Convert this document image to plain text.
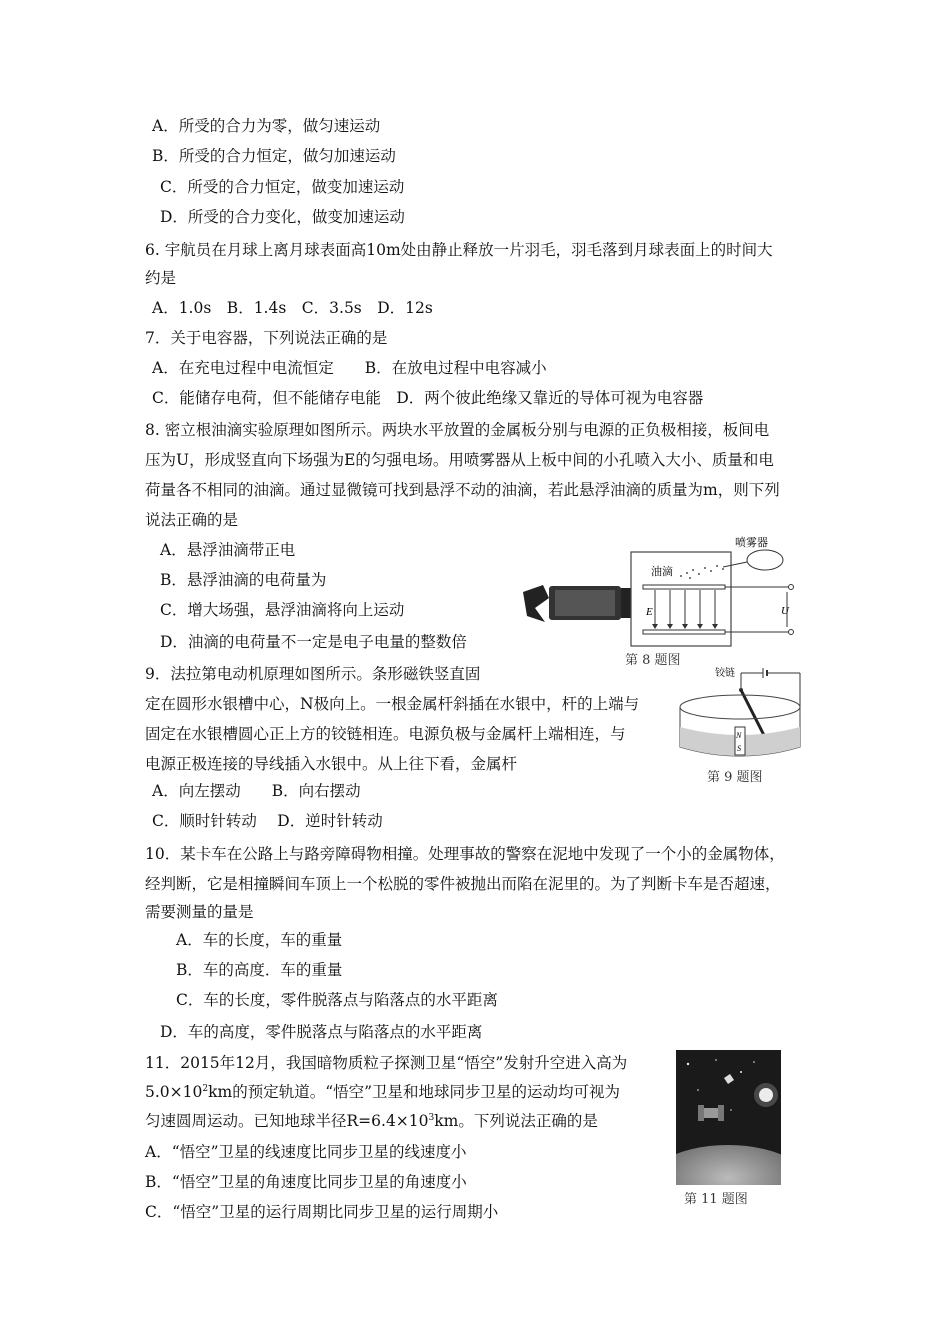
A．所受的合力为零，做匀速运动
B．所受的合力恒定，做匀加速运动
C．所受的合力恒定，做变加速运动
D．所受的合力变化，做变加速运动
6. 宇航员在月球上离月球表面高10m处由静止释放一片羽毛，羽毛落到月球表面上的时间大
约是
A．1.0s　B．1.4s　C．3.5s　D．12s
7．关于电容器，下列说法正确的是
A．在充电过程中电流恒定　　B．在放电过程中电容减小
C．能储存电荷，但不能储存电能　D．两个彼此绝缘又靠近的导体可视为电容器
8. 密立根油滴实验原理如图所示。两块水平放置的金属板分别与电源的正负极相接，板间电
压为U，形成竖直向下场强为E的匀强电场。用喷雾器从上板中间的小孔喷入大小、质量和电
荷量各不相同的油滴。通过显微镜可找到悬浮不动的油滴，若此悬浮油滴的质量为m，则下列
说法正确的是
A．悬浮油滴带正电
B．悬浮油滴的电荷量为
C．增大场强，悬浮油滴将向上运动
D．油滴的电荷量不一定是电子电量的整数倍
E
油滴
喷雾器
U
第 8 题图
9．法拉第电动机原理如图所示。条形磁铁竖直固
定在圆形水银槽中心，N极向上。一根金属杆斜插在水银中，杆的上端与
固定在水银槽圆心正上方的铰链相连。电源负极与金属杆上端相连，与
电源正极连接的导线插入水银中。从上往下看，金属杆
A．向左摆动　　B．向右摆动
C．顺时针转动　 D．逆时针转动
铰链
N
S
第 9 题图
10．某卡车在公路上与路旁障碍物相撞。处理事故的警察在泥地中发现了一个小的金属物体，
经判断，它是相撞瞬间车顶上一个松脱的零件被抛出而陷在泥里的。为了判断卡车是否超速，
需要测量的量是
A．车的长度，车的重量
B．车的高度．车的重量
C．车的长度，零件脱落点与陷落点的水平距离
D．车的高度，零件脱落点与陷落点的水平距离
11．2015年12月，我国暗物质粒子探测卫星“悟空”发射升空进入高为
$5.0\times 10^2km$的预定轨道。“悟空”卫星和地球同步卫星的运动均可视为
匀速圆周运动。已知地球半径$R=6.4\times 10^3km$。下列说法正确的是
A．“悟空”卫星的线速度比同步卫星的线速度小
B．“悟空”卫星的角速度比同步卫星的角速度小
C．“悟空”卫星的运行周期比同步卫星的运行周期小
第 11 题图
